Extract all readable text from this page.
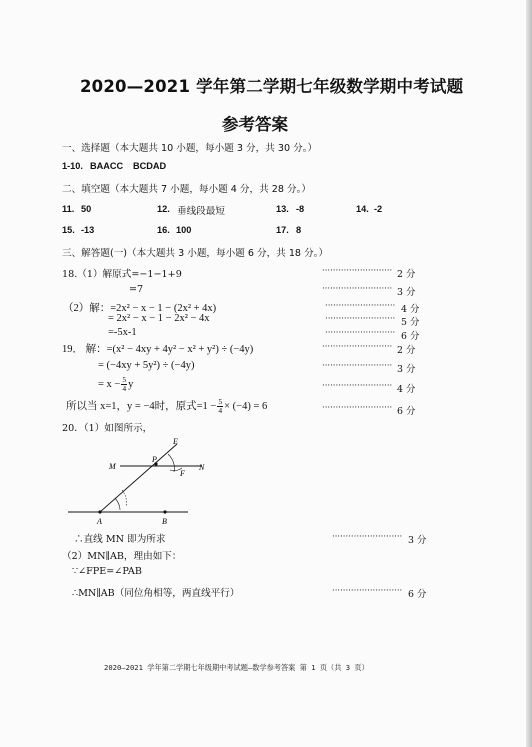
2020—2021 学年第二学期七年级数学期中考试题
参考答案
一、选择题（本大题共 10 小题，每小题 3 分，共 30 分。）
1-10. BAACC BCDAD
二、填空题（本大题共 7 小题，每小题 4 分，共 28 分。）
11. 50	12. 垂线段最短	13. -8	14. -2
15. -13	16. 100	17. 8
三、解答题(一)（本大题共 3 小题，每小题 6 分，共 18 分。）
18.（1）解原式=−1−1+9	·························· 2 分
=7	·························· 3 分
（2）解：=2x² − x − 1 − (2x² + 4x)	·························· 4 分
= 2x² − x − 1 − 2x² − 4x	·························· 5 分
=-5x-1	·························· 6 分
19． 解：=(x² − 4xy + 4y² − x² + y²) ÷ (−4y)	·························· 2 分
= (−4xy + 5y²) ÷ (−4y)	·························· 3 分
= $x - \frac{5}{4}$ y	·························· 4 分
所以当 x=1，y = −4时，原式$=1 - \frac{5}{4} \times (-4) = 6$	·························· 6 分
20．（1）如图所示，
E
M
P
F
N
A	B
∴直线 MN 即为所求	·························· 3 分
（2）MN∥AB，理由如下：
∵∠FPE=∠PAB
∴MN∥AB（同位角相等，两直线平行）	·························· 6 分
2020—2021 学年第二学期七年级期中考试题—数学参考答案 第 1 页（共 3 页）
